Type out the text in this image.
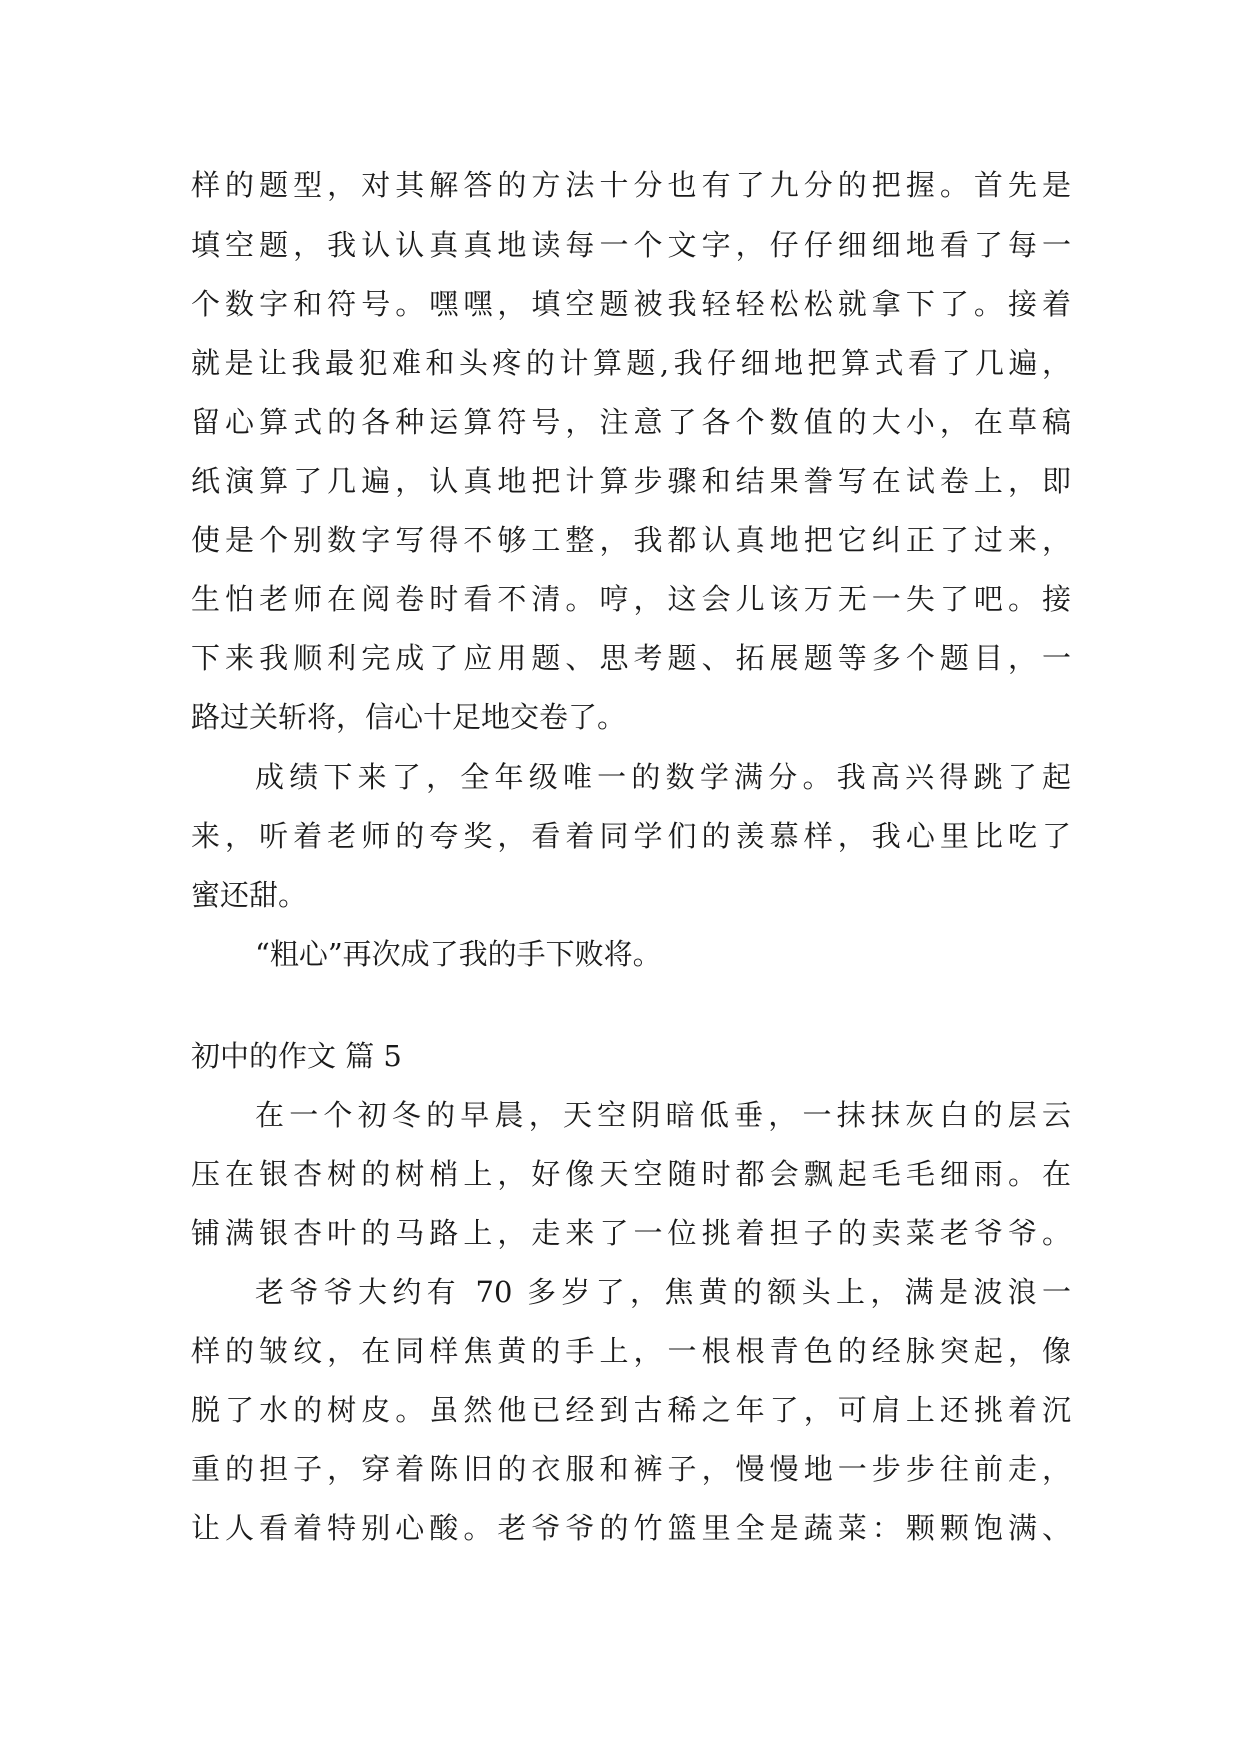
样的题型，对其解答的方法十分也有了九分的把握。首先是
填空题，我认认真真地读每一个文字，仔仔细细地看了每一
个数字和符号。嘿嘿，填空题被我轻轻松松就拿下了。接着
就是让我最犯难和头疼的计算题,我仔细地把算式看了几遍，
留心算式的各种运算符号，注意了各个数值的大小，在草稿
纸演算了几遍，认真地把计算步骤和结果誊写在试卷上，即
使是个别数字写得不够工整，我都认真地把它纠正了过来，
生怕老师在阅卷时看不清。哼，这会儿该万无一失了吧。接
下来我顺利完成了应用题、思考题、拓展题等多个题目，一
路过关斩将，信心十足地交卷了。
成绩下来了，全年级唯一的数学满分。我高兴得跳了起
来，听着老师的夸奖，看着同学们的羡慕样，我心里比吃了
蜜还甜。
“粗心”再次成了我的手下败将。
初中的作文 篇 5
在一个初冬的早晨，天空阴暗低垂，一抹抹灰白的层云
压在银杏树的树梢上，好像天空随时都会飘起毛毛细雨。在
铺满银杏叶的马路上，走来了一位挑着担子的卖菜老爷爷。
老爷爷大约有 70 多岁了，焦黄的额头上，满是波浪一
样的皱纹，在同样焦黄的手上，一根根青色的经脉突起，像
脱了水的树皮。虽然他已经到古稀之年了，可肩上还挑着沉
重的担子，穿着陈旧的衣服和裤子，慢慢地一步步往前走，
让人看着特别心酸。老爷爷的竹篮里全是蔬菜：颗颗饱满、
